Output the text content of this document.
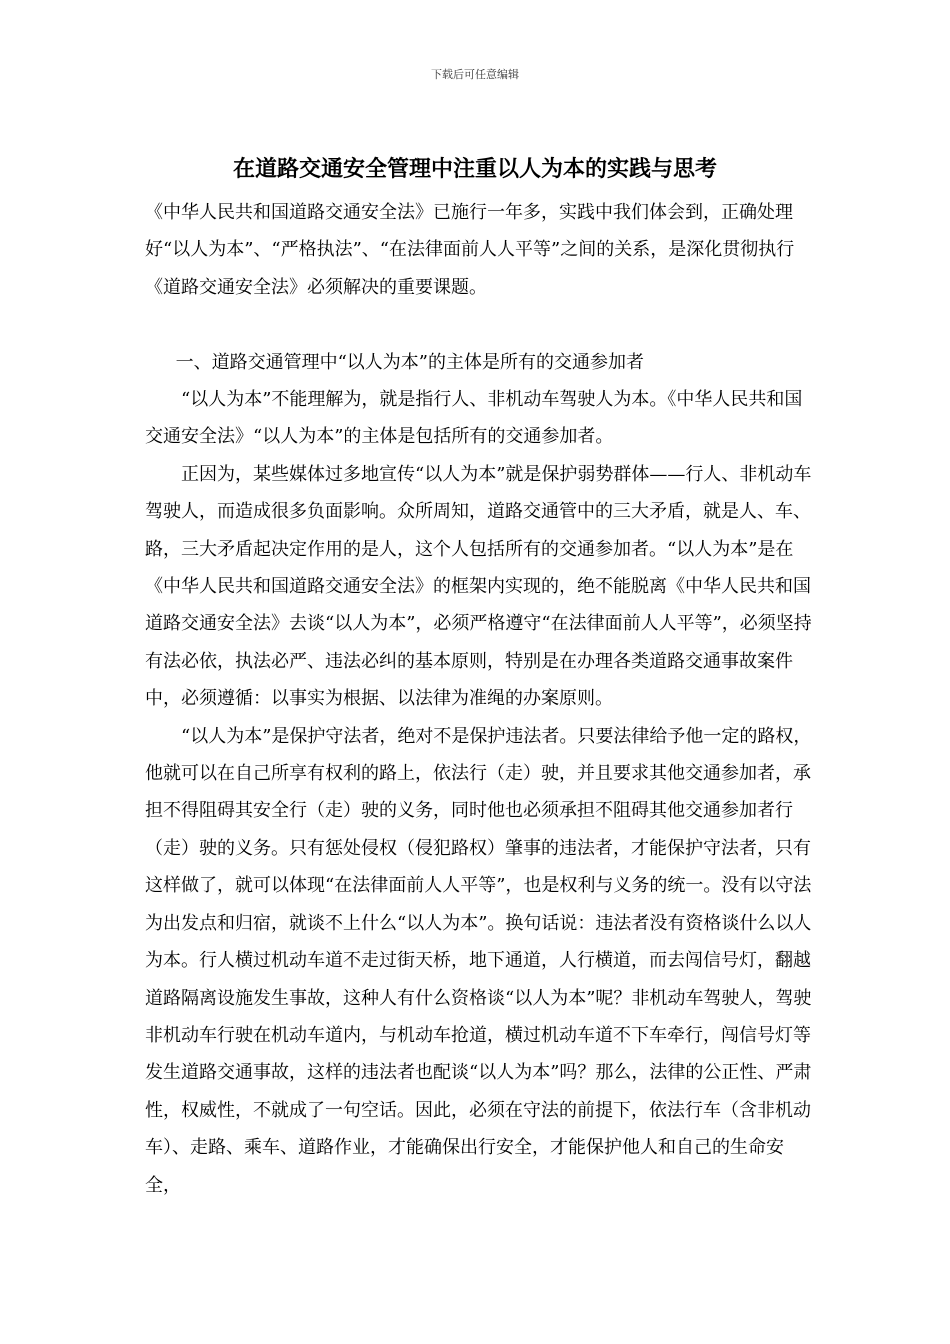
下载后可任意编辑
在道路交通安全管理中注重以人为本的实践与思考

《中华人民共和国道路交通安全法》已施行一年多，实践中我们体会到，正确处理好“以人为本”、“严格执法”、“在法律面前人人平等”之间的关系，是深化贯彻执行《道路交通安全法》必须解决的重要课题。

一、道路交通管理中“以人为本”的主体是所有的交通参加者

“以人为本”不能理解为，就是指行人、非机动车驾驶人为本。《中华人民共和国交通安全法》“以人为本”的主体是包括所有的交通参加者。

正因为，某些媒体过多地宣传“以人为本”就是保护弱势群体——行人、非机动车驾驶人，而造成很多负面影响。众所周知，道路交通管中的三大矛盾，就是人、车、路，三大矛盾起决定作用的是人，这个人包括所有的交通参加者。“以人为本”是在《中华人民共和国道路交通安全法》的框架内实现的，绝不能脱离《中华人民共和国道路交通安全法》去谈“以人为本”，必须严格遵守“在法律面前人人平等”，必须坚持有法必依，执法必严、违法必纠的基本原则，特别是在办理各类道路交通事故案件中，必须遵循：以事实为根据、以法律为准绳的办案原则。

“以人为本”是保护守法者，绝对不是保护违法者。只要法律给予他一定的路权，他就可以在自己所享有权利的路上，依法行（走）驶，并且要求其他交通参加者，承担不得阻碍其安全行（走）驶的义务，同时他也必须承担不阻碍其他交通参加者行（走）驶的义务。只有惩处侵权（侵犯路权）肇事的违法者，才能保护守法者，只有这样做了，就可以体现“在法律面前人人平等”，也是权利与义务的统一。没有以守法为出发点和归宿，就谈不上什么“以人为本”。换句话说：违法者没有资格谈什么以人为本。行人横过机动车道不走过街天桥，地下通道，人行横道，而去闯信号灯，翻越道路隔离设施发生事故，这种人有什么资格谈“以人为本”呢？非机动车驾驶人，驾驶非机动车行驶在机动车道内，与机动车抢道，横过机动车道不下车牵行，闯信号灯等发生道路交通事故，这样的违法者也配谈“以人为本”吗？那么，法律的公正性、严肃性，权威性，不就成了一句空话。因此，必须在守法的前提下，依法行车（含非机动车）、走路、乘车、道路作业，才能确保出行安全，才能保护他人和自己的生命安全，
